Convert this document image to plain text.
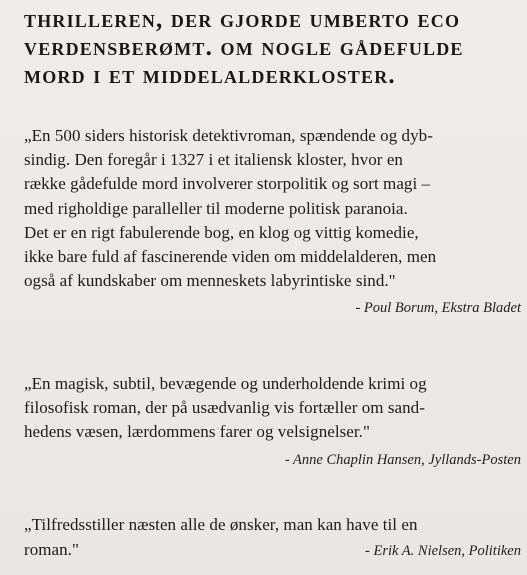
thrilleren, der gjorde umberto eco
verdensberømt. om nogle gådefulde
mord i et middelalderkloster.
„En 500 siders historisk detektivroman, spændende og dyb-
sindig. Den foregår i 1327 i et italiensk kloster, hvor en
række gådefulde mord involverer storpolitik og sort magi –
med righoldige paralleller til moderne politisk paranoia.
Det er en rigt fabulerende bog, en klog og vittig komedie,
ikke bare fuld af fascinerende viden om middelalderen, men
også af kundskaber om menneskets labyrintiske sind."
- Poul Borum, Ekstra Bladet
„En magisk, subtil, bevægende og underholdende krimi og
filosofisk roman, der på usædvanlig vis fortæller om sand-
hedens væsen, lærdommens farer og velsignelser."
- Anne Chaplin Hansen, Jyllands-Posten
„Tilfredsstiller næsten alle de ønsker, man kan have til en
roman."	- Erik A. Nielsen, Politiken
